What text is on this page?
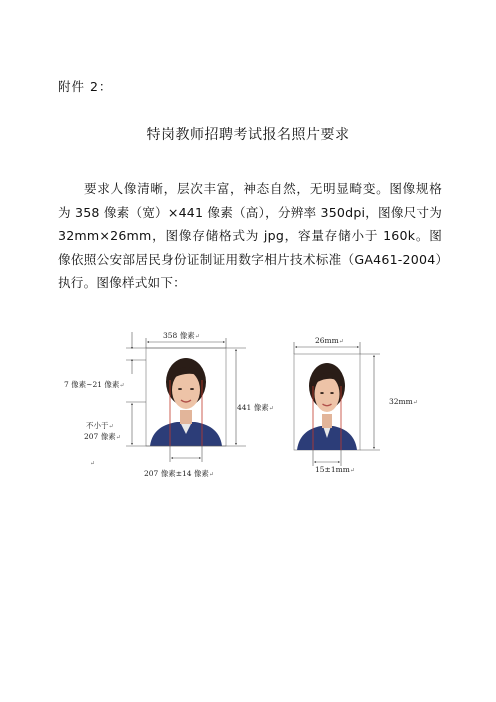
附件 2：
特岗教师招聘考试报名照片要求
要求人像清晰，层次丰富，神态自然，无明显畸变。图像规格为 358 像素（宽）×441 像素（高），分辨率 350dpi，图像尺寸为 32mm×26mm，图像存储格式为 jpg，容量存储小于 160k。图像依照公安部居民身份证制证用数字相片技术标准（GA461-2004）执行。图像样式如下：
358 像素↵
7 像素~21 像素↵
不小于↵
207 像素↵
↵
441 像素↵
207 像素±14 像素↵
26mm↵
32mm↵
15±1mm↵
